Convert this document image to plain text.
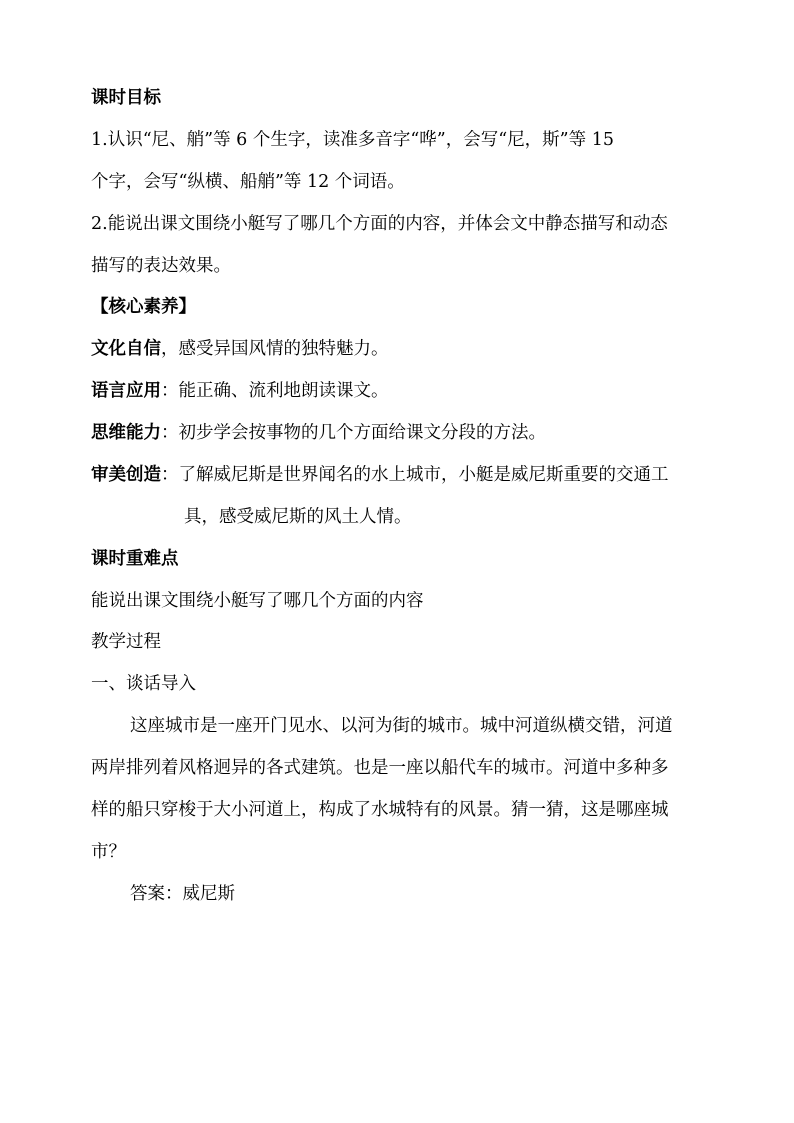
课时目标
1.认识“尼、艄”等 6 个生字，读准多音字“哗”，会写“尼，斯”等 15
个字，会写“纵横、船艄”等 12 个词语。
2.能说出课文围绕小艇写了哪几个方面的内容，并体会文中静态描写和动态
描写的表达效果。
【核心素养】
文化自信，感受异国风情的独特魅力。
语言应用：能正确、流利地朗读课文。
思维能力：初步学会按事物的几个方面给课文分段的方法。
审美创造：了解威尼斯是世界闻名的水上城市，小艇是威尼斯重要的交通工
具，感受威尼斯的风土人情。
课时重难点
能说出课文围绕小艇写了哪几个方面的内容
教学过程
一、谈话导入
这座城市是一座开门见水、以河为街的城市。城中河道纵横交错，河道
两岸排列着风格迥异的各式建筑。也是一座以船代车的城市。河道中多种多
样的船只穿梭于大小河道上，构成了水城特有的风景。猜一猜，这是哪座城
市？
答案：威尼斯
